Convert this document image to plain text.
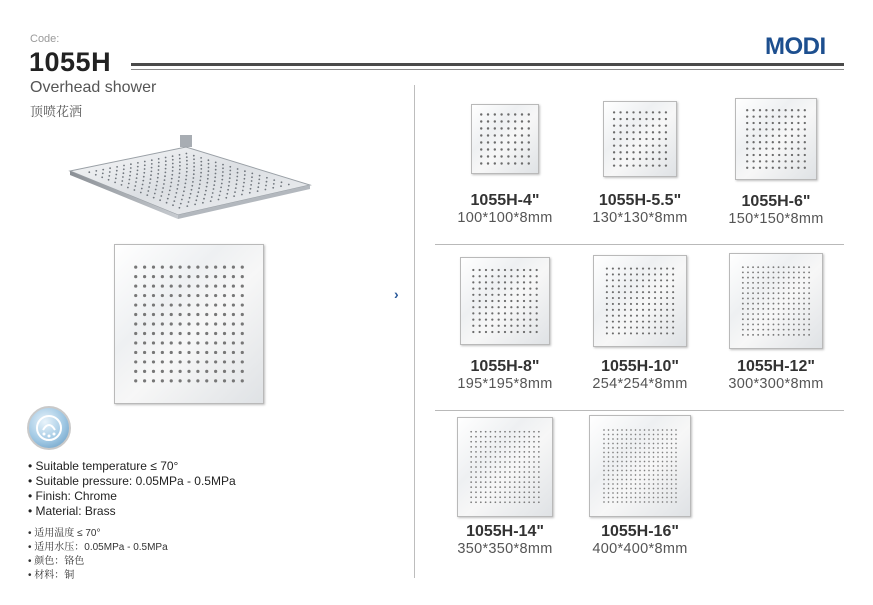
Code:
1055H
MODI
Overhead shower
顶喷花洒
• Suitable temperature ≤ 70°
• Suitable pressure: 0.05MPa - 0.5MPa
• Finish: Chrome
• Material: Brass
• 适用温度 ≤ 70°
• 适用水压：0.05MPa - 0.5MPa
• 颜色：铬色
• 材料：铜
›
1055H-4"
100*100*8mm
1055H-5.5"
130*130*8mm
1055H-6"
150*150*8mm
1055H-8"
195*195*8mm
1055H-10"
254*254*8mm
1055H-12"
300*300*8mm
1055H-14"
350*350*8mm
1055H-16"
400*400*8mm
